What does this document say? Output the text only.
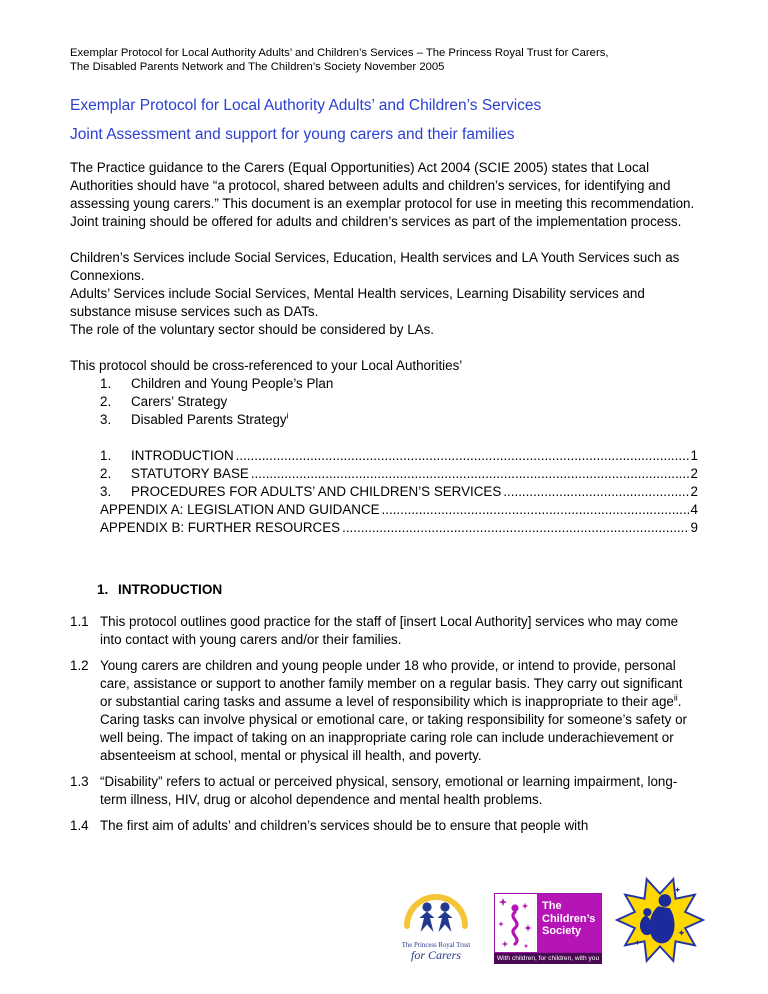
Exemplar Protocol for Local Authority Adults’ and Children’s Services – The Princess Royal Trust for Carers,
The Disabled Parents Network and The Children’s Society November 2005
Exemplar Protocol for Local Authority Adults’ and Children’s Services
Joint Assessment and support for young carers and their families
The Practice guidance to the Carers (Equal Opportunities) Act 2004 (SCIE 2005) states that Local Authorities should have “a protocol, shared between adults and children’s services, for identifying and assessing young carers.” This document is an exemplar protocol for use in meeting this recommendation. Joint training should be offered for adults and children’s services as part of the implementation process.
Children’s Services include Social Services, Education, Health services and LA Youth Services such as Connexions.
Adults’ Services include Social Services, Mental Health services, Learning Disability services and substance misuse services such as DATs.
The role of the voluntary sector should be considered by LAs.
This protocol should be cross-referenced to your Local Authorities’
1.	Children and Young People’s Plan
2.	Carers’ Strategy
3.	Disabled Parents Strategy$^i$
1.	INTRODUCTION .....	1
2.	STATUTORY BASE .....	2
3.	PROCEDURES FOR ADULTS’ AND CHILDREN’S SERVICES .....	2
APPENDIX A: LEGISLATION AND GUIDANCE .....	4
APPENDIX B: FURTHER RESOURCES .....	9
1. INTRODUCTION
1.1 This protocol outlines good practice for the staff of [insert Local Authority] services who may come into contact with young carers and/or their families.
1.2 Young carers are children and young people under 18 who provide, or intend to provide, personal care, assistance or support to another family member on a regular basis. They carry out significant or substantial caring tasks and assume a level of responsibility which is inappropriate to their age$^{ii}$. Caring tasks can involve physical or emotional care, or taking responsibility for someone’s safety or well being. The impact of taking on an inappropriate caring role can include underachievement or absenteeism at school, mental or physical ill health, and poverty.
1.3 “Disability” refers to actual or perceived physical, sensory, emotional or learning impairment, long-term illness, HIV, drug or alcohol dependence and mental health problems.
1.4 The first aim of adults’ and children’s services should be to ensure that people with
The Princess Royal Trust
for Carers
The
Children’s
Society
With children, for children, with you
